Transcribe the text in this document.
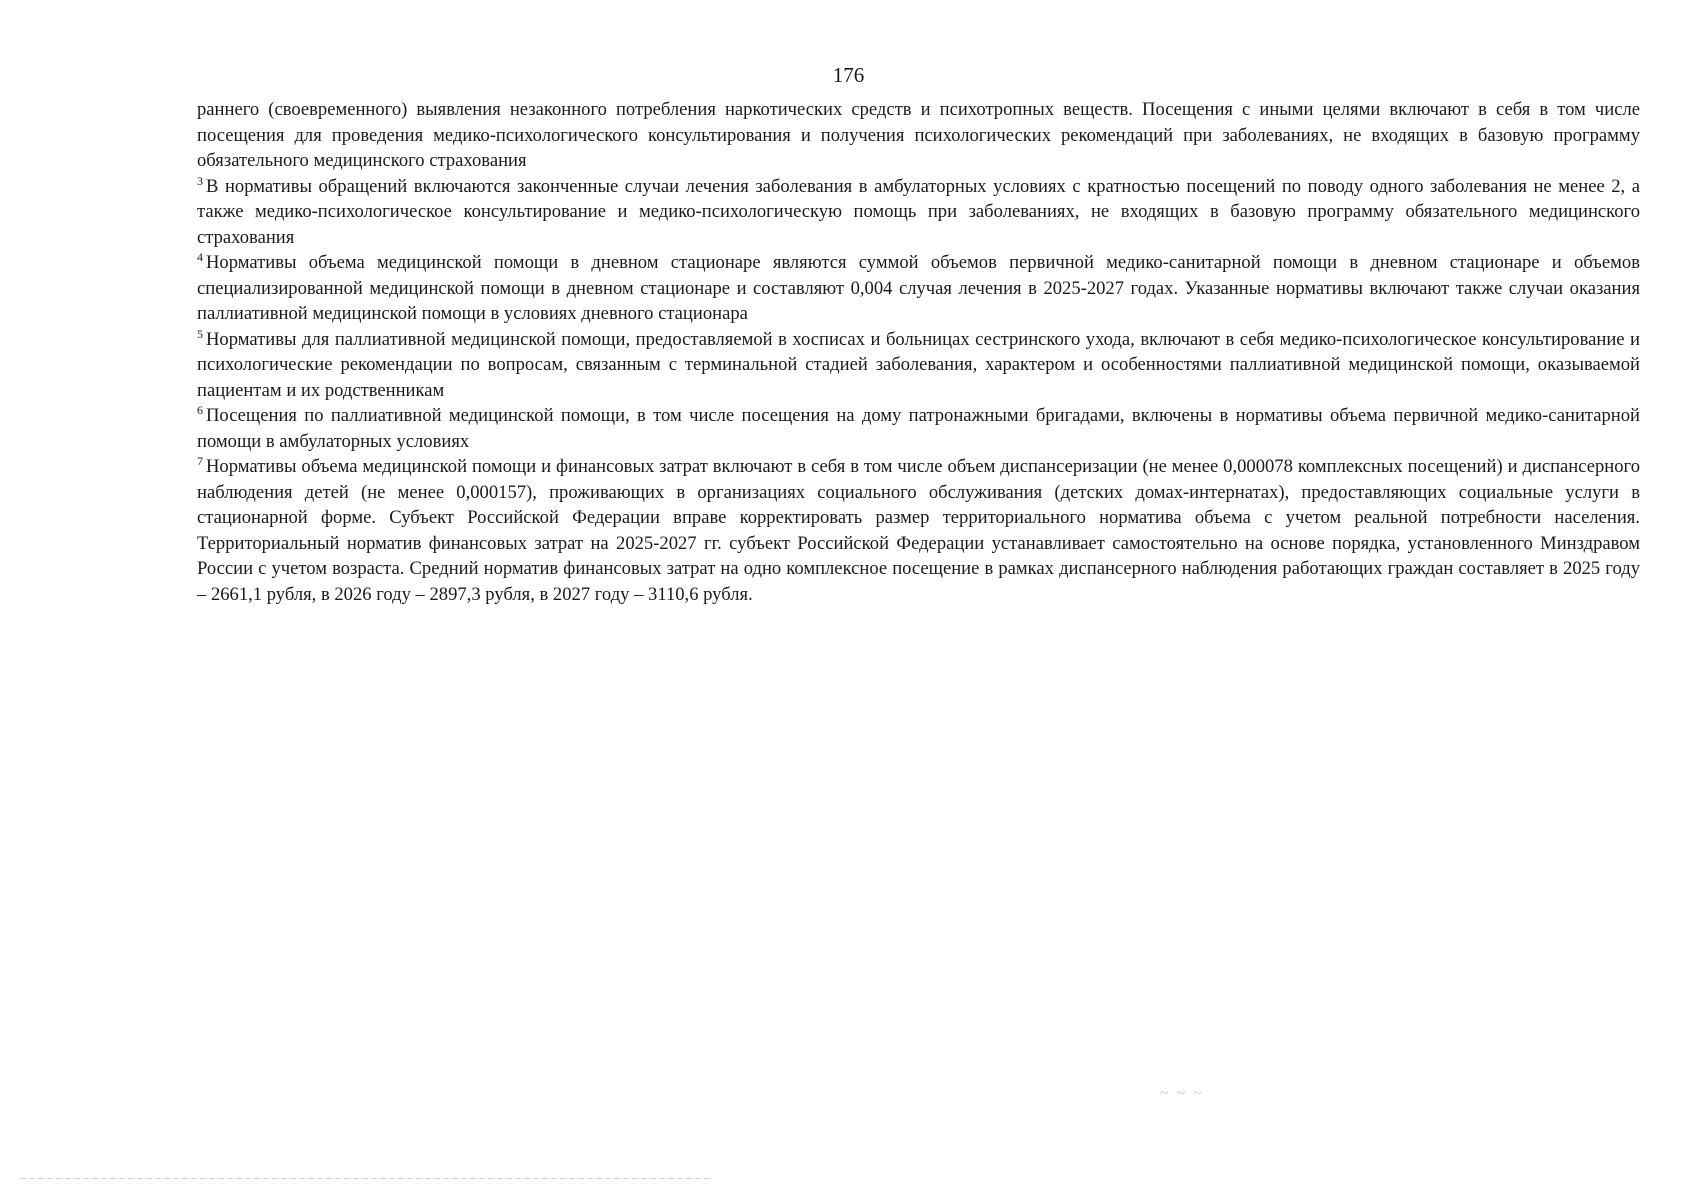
176

раннего (своевременного) выявления незаконного потребления наркотических средств и психотропных веществ. Посещения с иными целями включают в себя в том числе посещения для проведения медико-психологического консультирования и получения психологических рекомендаций при заболеваниях, не входящих в базовую программу обязательного медицинского страхования

$^3$ В нормативы обращений включаются законченные случаи лечения заболевания в амбулаторных условиях с кратностью посещений по поводу одного заболевания не менее 2, а также медико-психологическое консультирование и медико-психологическую помощь при заболеваниях, не входящих в базовую программу обязательного медицинского страхования

$^4$ Нормативы объема медицинской помощи в дневном стационаре являются суммой объемов первичной медико-санитарной помощи в дневном стационаре и объемов специализированной медицинской помощи в дневном стационаре и составляют 0,004 случая лечения в 2025-2027 годах. Указанные нормативы включают также случаи оказания паллиативной медицинской помощи в условиях дневного стационара

$^5$ Нормативы для паллиативной медицинской помощи, предоставляемой в хосписах и больницах сестринского ухода, включают в себя медико-психологическое консультирование и психологические рекомендации по вопросам, связанным с терминальной стадией заболевания, характером и особенностями паллиативной медицинской помощи, оказываемой пациентам и их родственникам

$^6$ Посещения по паллиативной медицинской помощи, в том числе посещения на дому патронажными бригадами, включены в нормативы объема первичной медико-санитарной помощи в амбулаторных условиях

$^7$ Нормативы объема медицинской помощи и финансовых затрат включают в себя в том числе объем диспансеризации (не менее 0,000078 комплексных посещений) и диспансерного наблюдения детей (не менее 0,000157), проживающих в организациях социального обслуживания (детских домах-интернатах), предоставляющих социальные услуги в стационарной форме. Субъект Российской Федерации вправе корректировать размер территориального норматива объема с учетом реальной потребности населения. Территориальный норматив финансовых затрат на 2025-2027 гг. субъект Российской Федерации устанавливает самостоятельно на основе порядка, установленного Минздравом России с учетом возраста. Средний норматив финансовых затрат на одно комплексное посещение в рамках диспансерного наблюдения работающих граждан составляет в 2025 году – 2661,1 рубля, в 2026 году – 2897,3 рубля, в 2027 году – 3110,6 рубля.

~ ~ ~
